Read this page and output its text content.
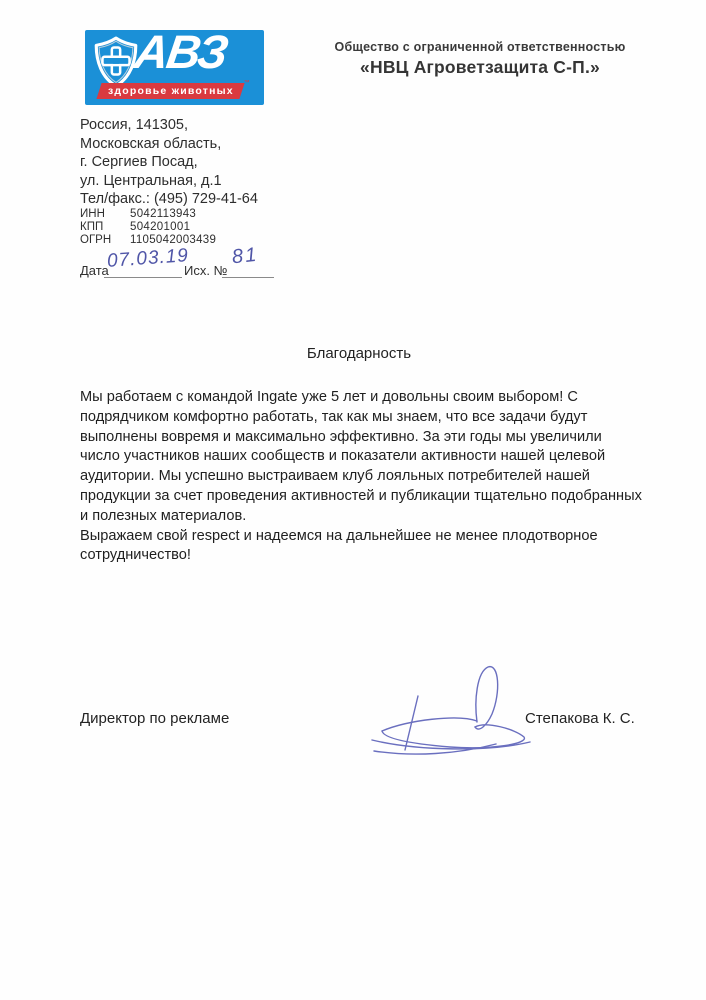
АВЗ
здоровье животных
™
Общество с ограниченной ответственностью
«НВЦ Агроветзащита С-П.»
Россия, 141305,
Московская область,
г. Сергиев Посад,
ул. Центральная, д.1
Тел/факс.: (495) 729-41-64
ИНН	5042113943
КПП	504201001
ОГРН	1105042003439
Дата
07.03.19
Исх. №
81
Благодарность

Мы работаем с командой Ingate уже 5 лет и довольны своим выбором! С подрядчиком комфортно работать, так как мы знаем, что все задачи будут выполнены вовремя и максимально эффективно. За эти годы мы увеличили число участников наших сообществ и показатели активности нашей целевой аудитории. Мы успешно выстраиваем клуб лояльных потребителей нашей продукции за счет проведения активностей и публикации тщательно подобранных и полезных материалов.

Выражаем свой respect и надеемся на дальнейшее не менее плодотворное сотрудничество!

Директор по рекламе	Степакова К. С.
